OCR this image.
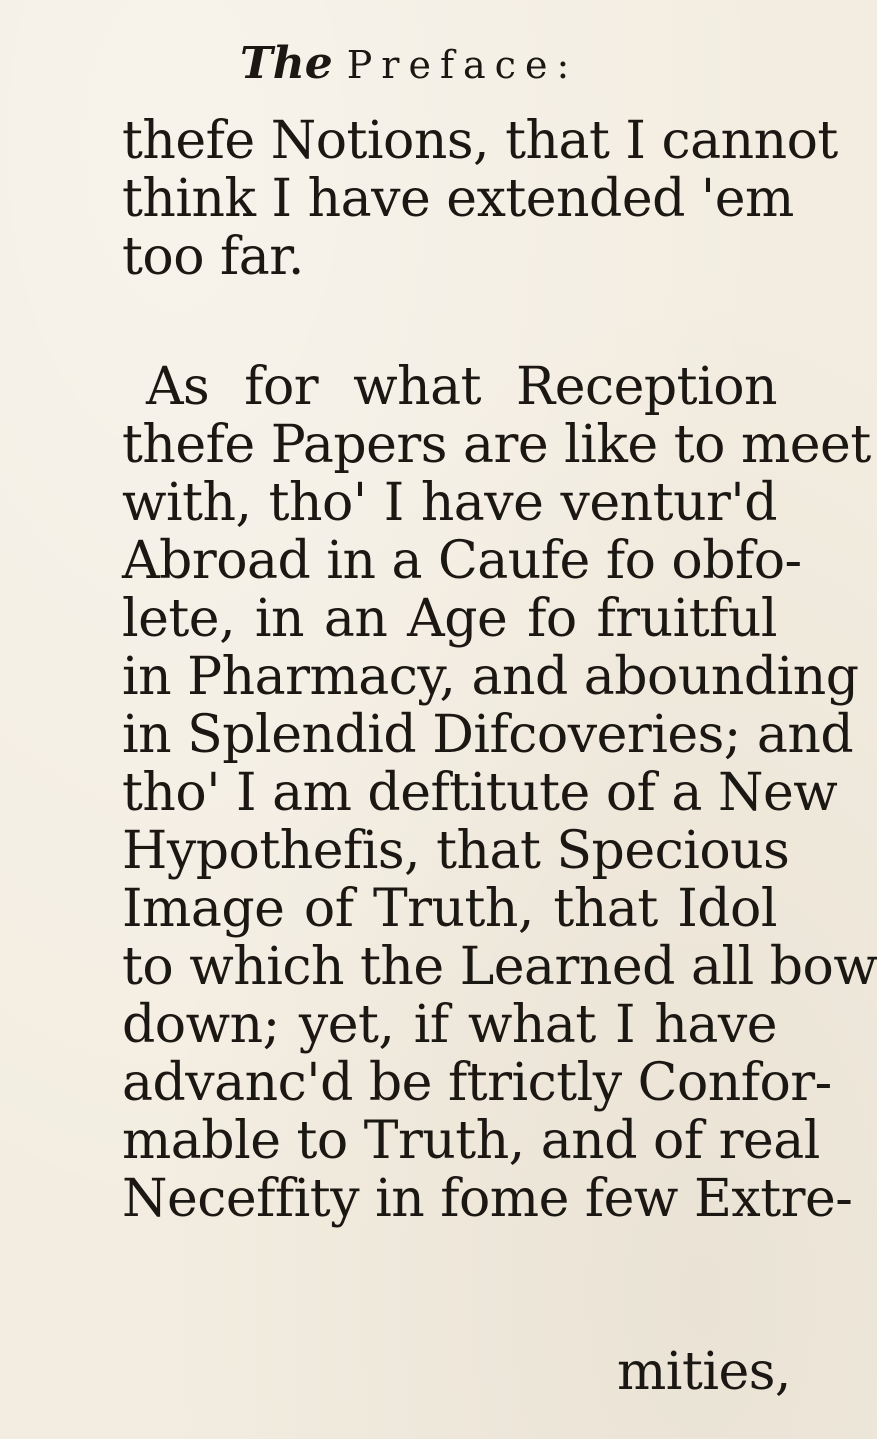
The Preface:
thefe Notions, that I cannot
think I have extended 'em
too far.
As for what Reception
thefe Papers are like to meet
with, tho' I have ventur'd
Abroad in a Caufe fo obfo-
lete, in an Age fo fruitful
in Pharmacy, and abounding
in Splendid Difcoveries; and
tho' I am deftitute of a New
Hypothefis, that Specious
Image of Truth, that Idol
to which the Learned all bow
down; yet, if what I have
advanc'd be ftrictly Confor-
mable to Truth, and of real
Neceffity in fome few Extre-
mities,
